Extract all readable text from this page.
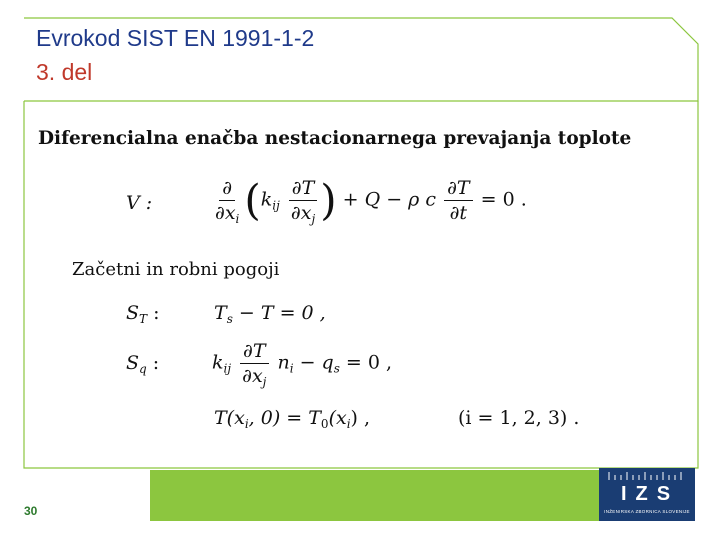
Evrokod SIST EN 1991-1-2
3. del
Diferencialna enačba nestacionarnega prevajanja toplote
V :	$\frac{\partial}{\partial x_i} (k_{ij} \frac{\partial T}{\partial x_j}$ ) + Q − ρ c $\frac{\partial T}{\partial t} = 0$ .
Začetni in robni pogoji
$S_T$ :	$T_s - T = 0$ ,
$S_q$ :	$k_{ij} \frac{\partial T}{\partial x_j} n_i - q_s = 0$ ,
$T(x_i$, $0) = T_0(x_i)$ ,	(i = 1, 2, 3) .
30
IZS
INŽENIRSKA ZBORNICA SLOVENIJE
